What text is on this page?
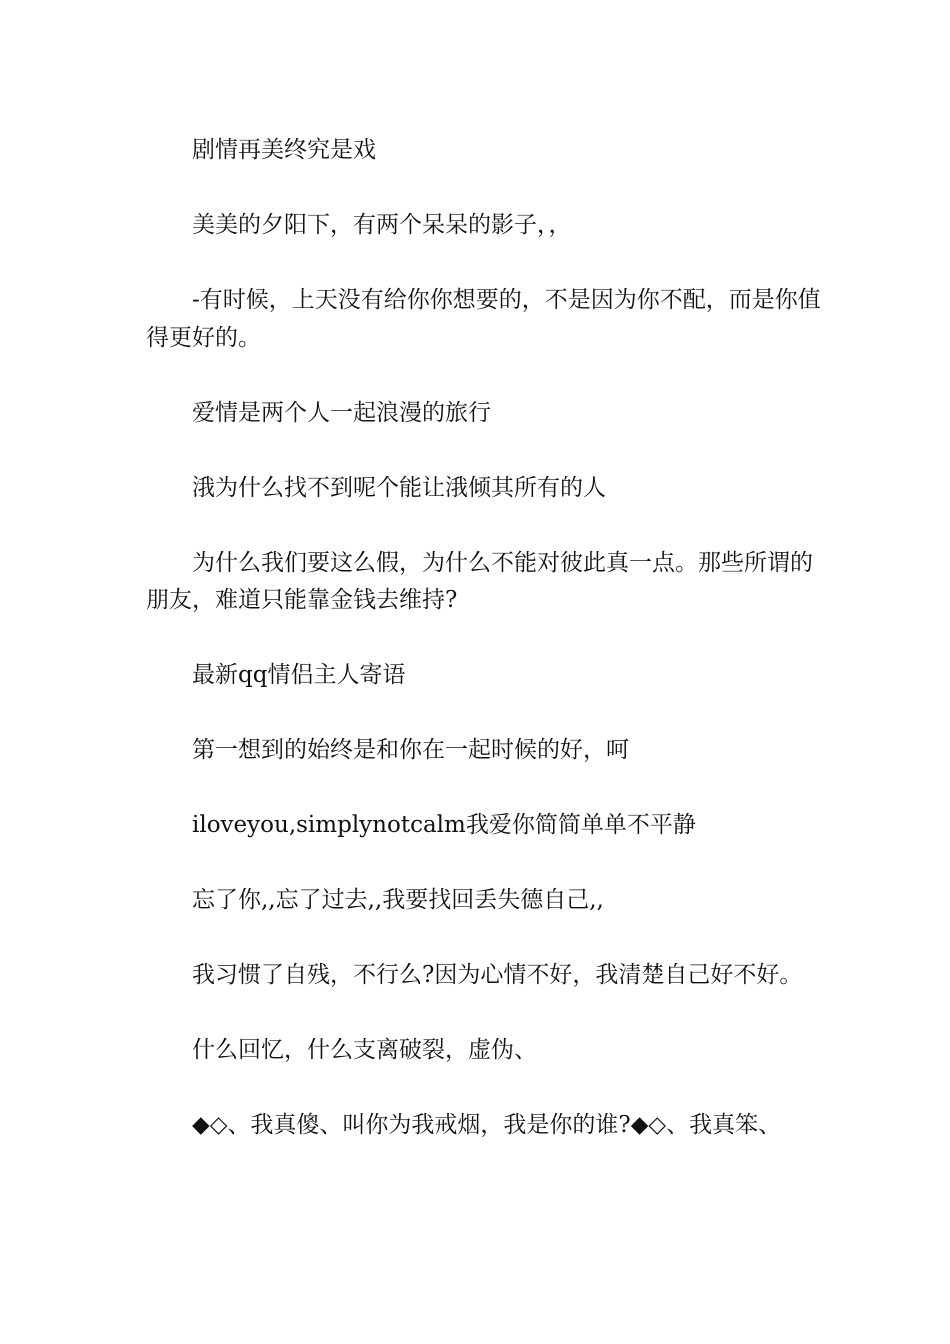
剧情再美终究是戏

美美的夕阳下，有两个呆呆的影子，，

-有时候，上天没有给你你想要的，不是因为你不配，而是你值得更好的。

爱情是两个人一起浪漫的旅行

涐为什么找不到呢个能让涐倾其所有的人

为什么我们要这么假，为什么不能对彼此真一点。那些所谓的朋友，难道只能靠金钱去维持?

最新qq情侣主人寄语

第一想到的始终是和你在一起时候的好，呵

iloveyou,simplynotcalm我爱你简简单单不平静

忘了你,,忘了过去,,我要找回丢失德自己,,

我习惯了自残，不行么?因为心情不好，我清楚自己好不好。

什么回忆，什么支离破裂，虚伪、

◆◇、我真傻、叫你为我戒烟，我是你的谁?◆◇、我真笨、
